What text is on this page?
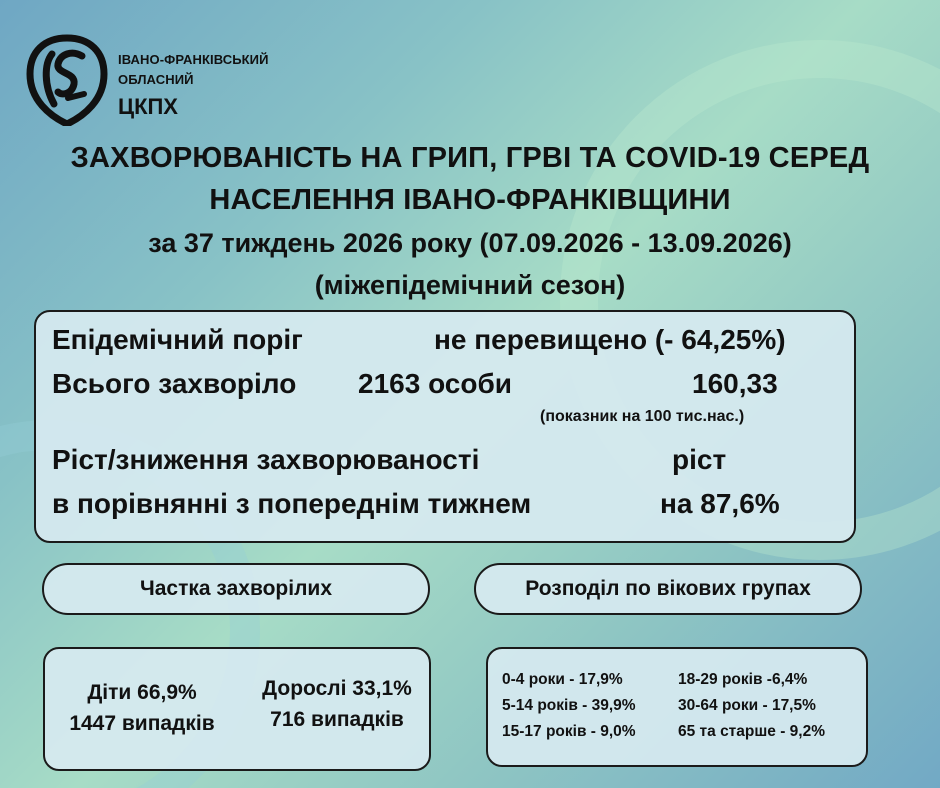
ІВАНО-ФРАНКІВСЬКИЙ
ОБЛАСНИЙ
ЦКПХ
ЗАХВОРЮВАНІСТЬ НА ГРИП, ГРВІ ТА COVID-19 СЕРЕД
НАСЕЛЕННЯ ІВАНО-ФРАНКІВЩИНИ
за 37 тиждень 2026 року (07.09.2026 - 13.09.2026)
(міжепідемічний сезон)
Епідемічний поріг	не перевищено (- 64,25%)
Всього захворіло 2163 особи	160,33
(показник на 100 тис.нас.)
Ріст/зниження захворюваності	ріст
в порівнянні з попереднім тижнем	на 87,6%
Частка захворілих	Розподіл по вікових групах
Діти 66,9%
1447 випадків
Дорослі 33,1%
716 випадків
0-4 роки - 17,9%
5-14 років - 39,9%
15-17 років - 9,0%
18-29 років -6,4%
30-64 роки - 17,5%
65 та старше - 9,2%
